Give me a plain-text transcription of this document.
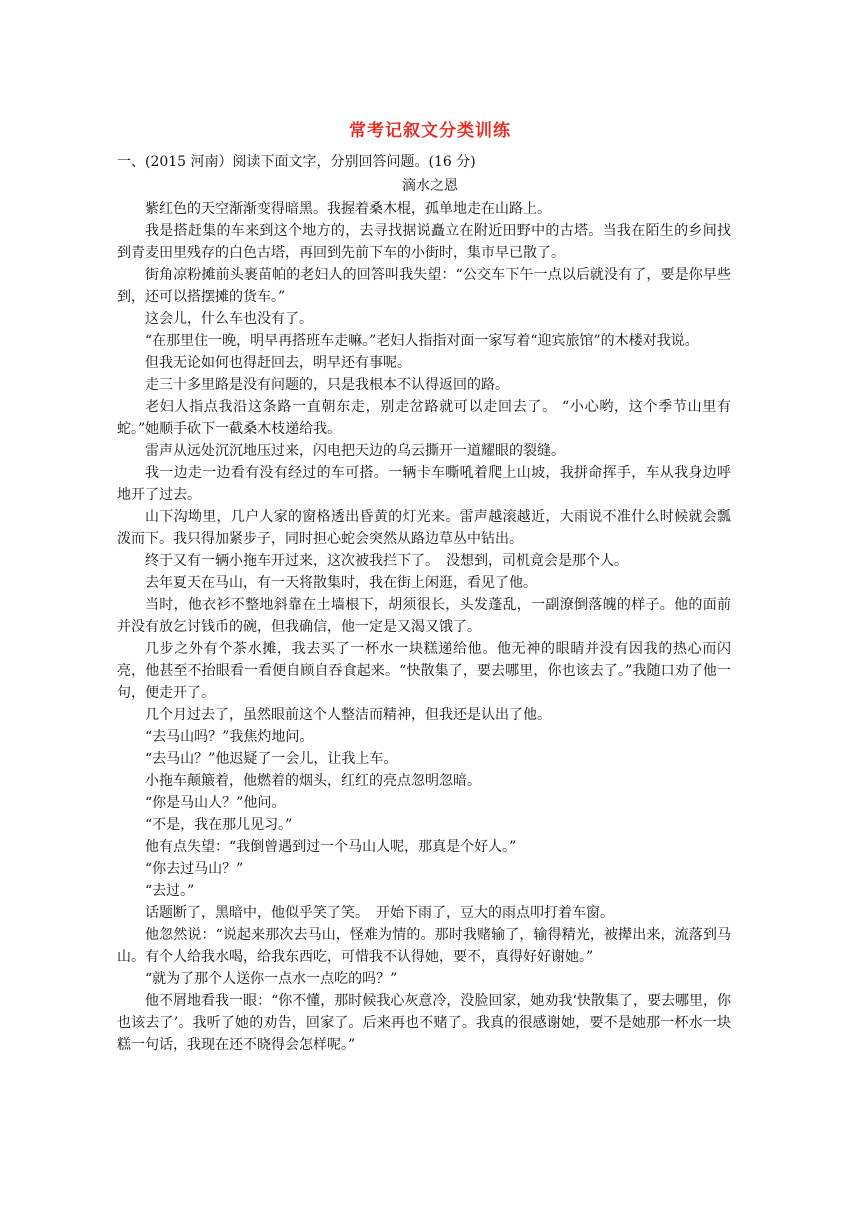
常考记叙文分类训练
一、(2015 河南）阅读下面文字，分别回答问题。(16 分)
滴水之恩

紫红色的天空渐渐变得暗黑。我握着桑木棍，孤单地走在山路上。

我是搭赶集的车来到这个地方的，去寻找据说矗立在附近田野中的古塔。当我在陌生的乡间找到青麦田里残存的白色古塔，再回到先前下车的小街时，集市早已散了。

街角凉粉摊前头裹苗帕的老妇人的回答叫我失望：“公交车下午一点以后就没有了，要是你早些到，还可以搭摆摊的货车。”

这会儿，什么车也没有了。

“在那里住一晚，明早再搭班车走嘛。”老妇人指指对面一家写着“迎宾旅馆”的木楼对我说。

但我无论如何也得赶回去，明早还有事呢。

走三十多里路是没有问题的，只是我根本不认得返回的路。

老妇人指点我沿这条路一直朝东走，别走岔路就可以走回去了。 “小心哟，这个季节山里有蛇。”她顺手砍下一截桑木枝递给我。

雷声从远处沉沉地压过来，闪电把天边的乌云撕开一道耀眼的裂缝。

我一边走一边看有没有经过的车可搭。一辆卡车嘶吼着爬上山坡，我拼命挥手，车从我身边呼地开了过去。

山下沟坳里，几户人家的窗格透出昏黄的灯光来。雷声越滚越近，大雨说不准什么时候就会瓢泼而下。我只得加紧步子，同时担心蛇会突然从路边草丛中钻出。

终于又有一辆小拖车开过来，这次被我拦下了。　没想到，司机竟会是那个人。

去年夏天在马山，有一天将散集时，我在街上闲逛，看见了他。

当时，他衣衫不整地斜靠在土墙根下，胡须很长，头发蓬乱，一副潦倒落魄的样子。他的面前并没有放乞讨钱币的碗，但我确信，他一定是又渴又饿了。

几步之外有个茶水摊，我去买了一杯水一块糕递给他。他无神的眼睛并没有因我的热心而闪亮，他甚至不抬眼看一看便自顾自吞食起来。“快散集了，要去哪里，你也该去了。”我随口劝了他一句，便走开了。

几个月过去了，虽然眼前这个人整洁而精神，但我还是认出了他。

“去马山吗？”我焦灼地问。

“去马山？”他迟疑了一会儿，让我上车。

小拖车颠簸着，他燃着的烟头，红红的亮点忽明忽暗。

“你是马山人？”他问。

“不是，我在那儿见习。”

他有点失望：“我倒曾遇到过一个马山人呢，那真是个好人。”

“你去过马山？”

“去过。”

话题断了，黑暗中，他似乎笑了笑。　开始下雨了，豆大的雨点叩打着车窗。

他忽然说：“说起来那次去马山，怪难为情的。那时我赌输了，输得精光，被撵出来，流落到马山。有个人给我水喝，给我东西吃，可惜我不认得她，要不，真得好好谢她。”

“就为了那个人送你一点水一点吃的吗？”

他不屑地看我一眼：“你不懂，那时候我心灰意冷，没脸回家，她劝我‘快散集了，要去哪里，你也该去了’。我听了她的劝告，回家了。后来再也不赌了。我真的很感谢她，要不是她那一杯水一块糕一句话，我现在还不晓得会怎样呢。”
